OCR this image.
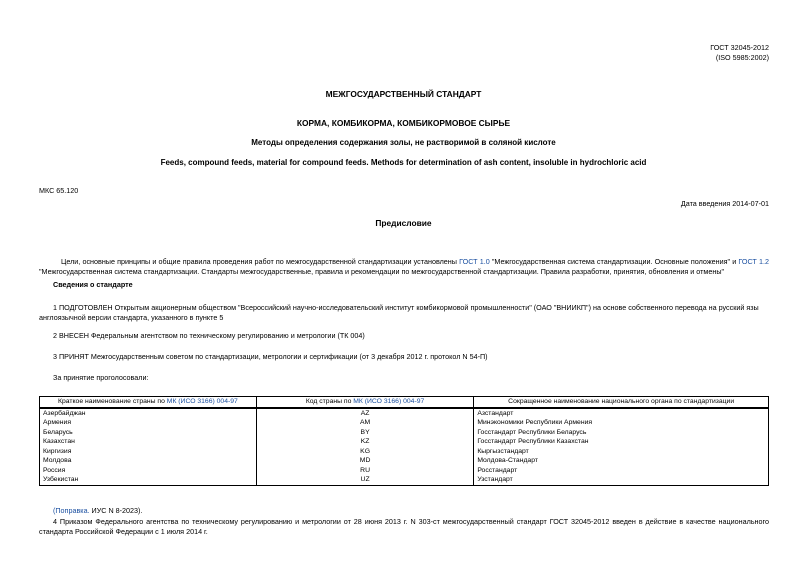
ГОСТ 32045-2012
(ISO 5985:2002)
МЕЖГОСУДАРСТВЕННЫЙ СТАНДАРТ
КОРМА, КОМБИКОРМА, КОМБИКОРМОВОЕ СЫРЬЕ
Методы определения содержания золы, не растворимой в соляной кислоте
Feeds, compound feeds, material for compound feeds. Methods for determination of ash content, insoluble in hydrochloric acid
МКС 65.120
Дата введения 2014-07-01
Предисловие
Цели, основные принципы и общие правила проведения работ по межгосударственной стандартизации установлены ГОСТ 1.0 "Межгосударственная система стандартизации. Основные положения" и ГОСТ 1.2 "Межгосударственная система стандартизации. Стандарты межгосударственные, правила и рекомендации по межгосударственной стандартизации. Правила разработки, принятия, обновления и отмены"
Сведения о стандарте
1 ПОДГОТОВЛЕН Открытым акционерным обществом "Всероссийский научно-исследовательский институт комбикормовой промышленности" (ОАО "ВНИИКП") на основе собственного перевода на русский язы англоязычной версии стандарта, указанного в пункте 5
2 ВНЕСЕН Федеральным агентством по техническому регулированию и метрологии (ТК 004)
3 ПРИНЯТ Межгосударственным советом по стандартизации, метрологии и сертификации (от 3 декабря 2012 г. протокол N 54-П)
За принятие проголосовали:
Краткое наименование страны по МК (ИСО 3166) 004-97	Код страны по МК (ИСО 3166) 004-97	Сокращенное наименование национального органа по стандартизации
Азербайджан	AZ	Азстандарт
Армения	AM	Минэкономики Республики Армения
Беларусь	BY	Госстандарт Республики Беларусь
Казахстан	KZ	Госстандарт Республики Казахстан
Киргизия	KG	Кыргызстандарт
Молдова	MD	Молдова-Стандарт
Россия	RU	Росстандарт
Узбекистан	UZ	Узстандарт
(Поправка. ИУС N 8-2023).
4 Приказом Федерального агентства по техническому регулированию и метрологии от 28 июня 2013 г. N 303-ст межгосударственный стандарт ГОСТ 32045-2012 введен в действие в качестве национального стандарта Российской Федерации с 1 июля 2014 г.
